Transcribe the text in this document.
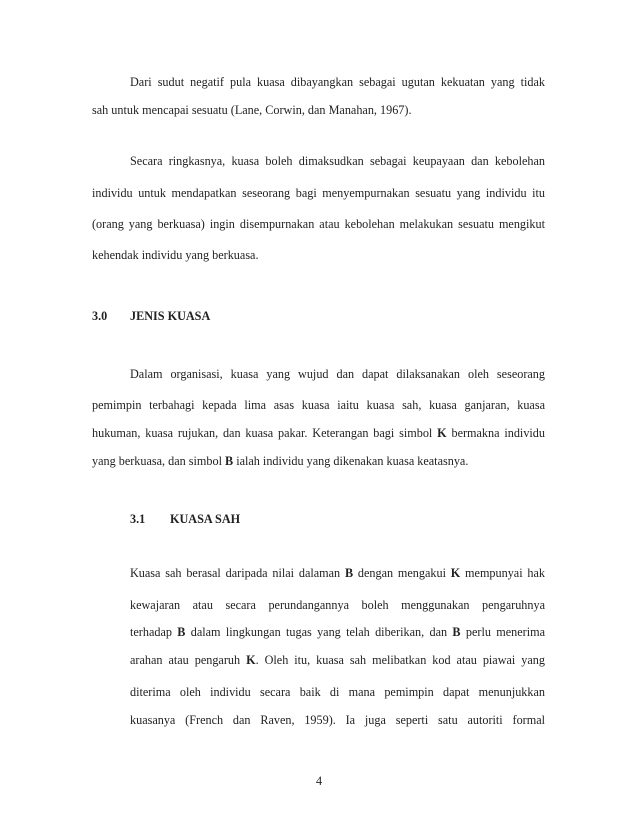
Dari sudut negatif pula kuasa dibayangkan sebagai ugutan kekuatan yang tidak
sah untuk mencapai sesuatu (Lane, Corwin, dan Manahan, 1967).
Secara ringkasnya, kuasa boleh dimaksudkan sebagai keupayaan dan kebolehan
individu untuk mendapatkan seseorang bagi menyempurnakan sesuatu yang individu itu
(orang yang berkuasa) ingin disempurnakan atau kebolehan melakukan sesuatu mengikut
kehendak individu yang berkuasa.
3.0 JENIS KUASA
Dalam organisasi, kuasa yang wujud dan dapat dilaksanakan oleh seseorang
pemimpin terbahagi kepada lima asas kuasa iaitu kuasa sah, kuasa ganjaran, kuasa
hukuman, kuasa rujukan, dan kuasa pakar. Keterangan bagi simbol K bermakna individu
yang berkuasa, dan simbol B ialah individu yang dikenakan kuasa keatasnya.
3.1 KUASA SAH
Kuasa sah berasal daripada nilai dalaman B dengan mengakui K mempunyai hak
kewajaran atau secara perundangannya boleh menggunakan pengaruhnya
terhadap B dalam lingkungan tugas yang telah diberikan, dan B perlu menerima
arahan atau pengaruh K. Oleh itu, kuasa sah melibatkan kod atau piawai yang
diterima oleh individu secara baik di mana pemimpin dapat menunjukkan
kuasanya (French dan Raven, 1959). Ia juga seperti satu autoriti formal
4
